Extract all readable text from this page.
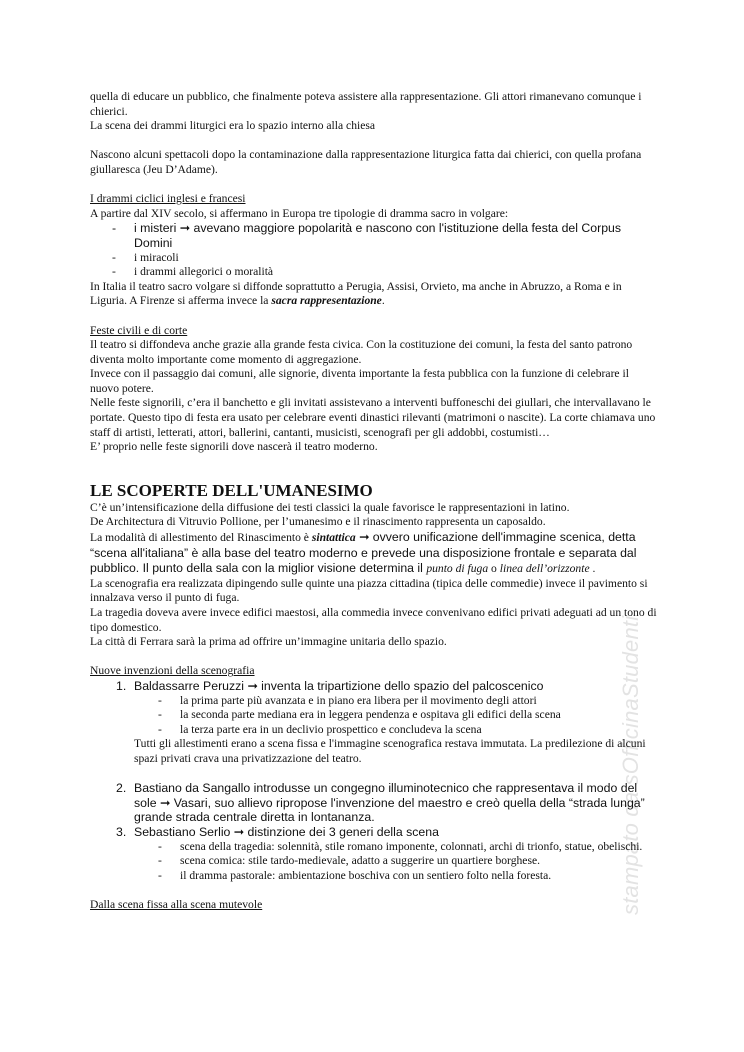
stampato da sOfficinaStudenti

quella di educare un pubblico, che finalmente poteva assistere alla rappresentazione. Gli attori rimanevano comunque i chierici.

La scena dei drammi liturgici era lo spazio interno alla chiesa

Nascono alcuni spettacoli dopo la contaminazione dalla rappresentazione liturgica fatta dai chierici, con quella profana giullaresca (Jeu D’Adame).

I drammi ciclici inglesi e francesi

A partire dal XIV secolo, si affermano in Europa tre tipologie di dramma sacro in volgare:

- i misteri ➞ avevano maggiore popolarità e nascono con l'istituzione della festa del Corpus Domini
- i miracoli
- i drammi allegorici o moralità

In Italia il teatro sacro volgare si diffonde soprattutto a Perugia, Assisi, Orvieto, ma anche in Abruzzo, a Roma e in Liguria. A Firenze si afferma invece la sacra rappresentazione.

Feste civili e di corte

Il teatro si diffondeva anche grazie alla grande festa civica. Con la costituzione dei comuni, la festa del santo patrono diventa molto importante come momento di aggregazione.

Invece con il passaggio dai comuni, alle signorie, diventa importante la festa pubblica con la funzione di celebrare il nuovo potere.

Nelle feste signorili, c’era il banchetto e gli invitati assistevano a interventi buffoneschi dei giullari, che intervallavano le portate. Questo tipo di festa era usato per celebrare eventi dinastici rilevanti (matrimoni o nascite). La corte chiamava uno staff di artisti, letterati, attori, ballerini, cantanti, musicisti, scenografi per gli addobbi, costumisti…

E’ proprio nelle feste signorili dove nascerà il teatro moderno.

LE SCOPERTE DELL'UMANESIMO

C’è un’intensificazione della diffusione dei testi classici la quale favorisce le rappresentazioni in latino.

De Architectura di Vitruvio Pollione, per l’umanesimo e il rinascimento rappresenta un caposaldo.

La modalità di allestimento del Rinascimento è sintattica ➞ ovvero unificazione dell'immagine scenica, detta “scena all'italiana” è alla base del teatro moderno e prevede una disposizione frontale e separata dal pubblico. Il punto della sala con la miglior visione determina il punto di fuga o linea dell’orizzonte .

La scenografia era realizzata dipingendo sulle quinte una piazza cittadina (tipica delle commedie) invece il pavimento si innalzava verso il punto di fuga.

La tragedia doveva avere invece edifici maestosi, alla commedia invece convenivano edifici privati adeguati ad un tono di tipo domestico.

La città di Ferrara sarà la prima ad offrire un’immagine unitaria dello spazio.

Nuove invenzioni della scenografia

1. Baldassarre Peruzzi ➞ inventa la tripartizione dello spazio del palcoscenico
- la prima parte più avanzata e in piano era libera per il movimento degli attori
- la seconda parte mediana era in leggera pendenza e ospitava gli edifici della scena
- la terza parte era in un declivio prospettico e concludeva la scena
Tutti gli allestimenti erano a scena fissa e l'immagine scenografica restava immutata. La predilezione di alcuni spazi privati crava una privatizzazione del teatro.
2. Bastiano da Sangallo introdusse un congegno illuminotecnico che rappresentava il modo del sole ➞ Vasari, suo allievo ripropose l'invenzione del maestro e creò quella della “strada lunga” grande strada centrale diretta in lontananza.
3. Sebastiano Serlio ➞ distinzione dei 3 generi della scena
- scena della tragedia: solennità, stile romano imponente, colonnati, archi di trionfo, statue, obelischi.
- scena comica: stile tardo-medievale, adatto a suggerire un quartiere borghese.
- il dramma pastorale: ambientazione boschiva con un sentiero folto nella foresta.

Dalla scena fissa alla scena mutevole
